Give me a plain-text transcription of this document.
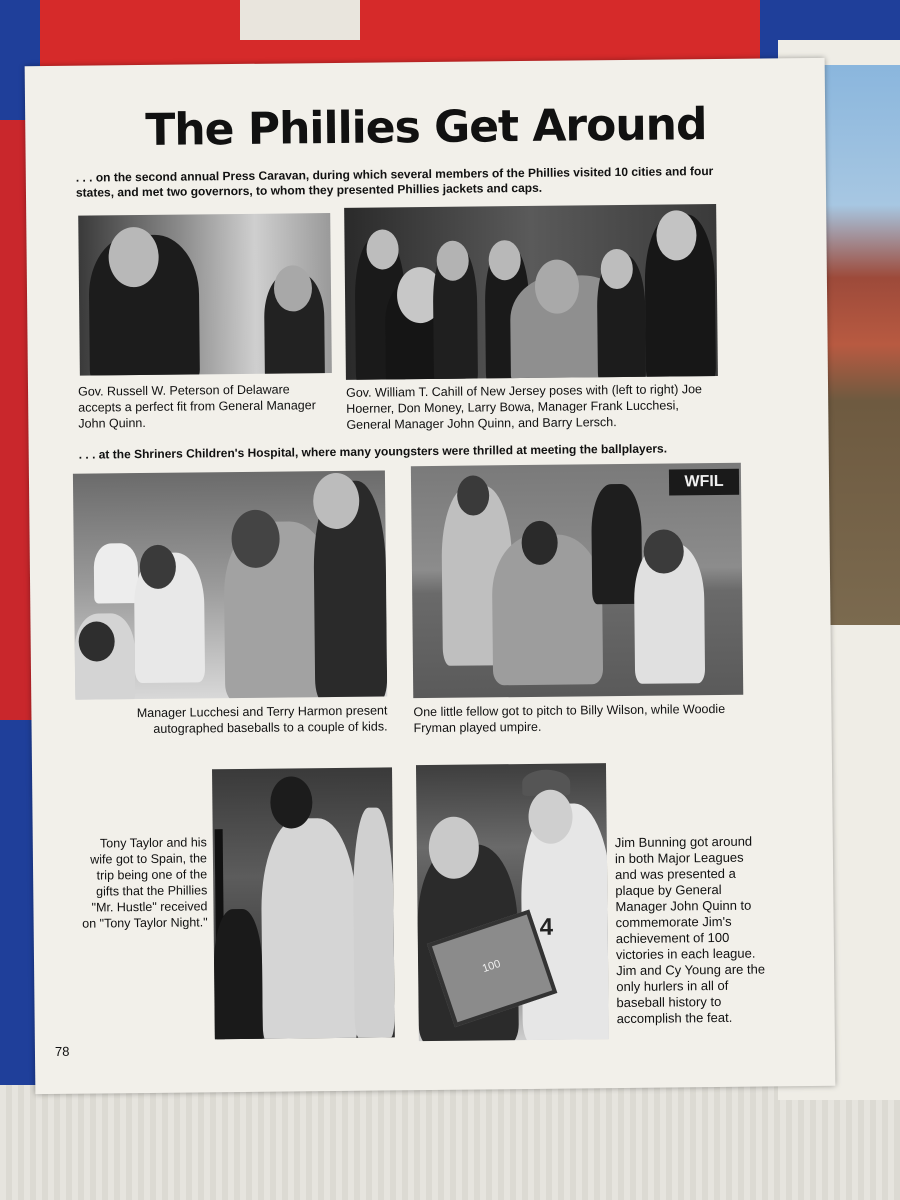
The Phillies Get Around
. . . on the second annual Press Caravan, during which several members of the Phillies visited 10 cities and four states, and met two governors, to whom they presented Phillies jackets and caps.
Gov. Russell W. Peterson of Delaware accepts a perfect fit from General Manager John Quinn.
Gov. William T. Cahill of New Jersey poses with (left to right) Joe Hoerner, Don Money, Larry Bowa, Manager Frank Lucchesi, General Manager John Quinn, and Barry Lersch.
. . . at the Shriners Children's Hospital, where many youngsters were thrilled at meeting the ballplayers.
Manager Lucchesi and Terry Harmon present autographed baseballs to a couple of kids.
WFIL
One little fellow got to pitch to Billy Wilson, while Woodie Fryman played umpire.
Tony Taylor and his wife got to Spain, the trip being one of the gifts that the Phillies "Mr. Hustle" received on "Tony Taylor Night."	4
100
Jim Bunning got around in both Major Leagues and was presented a plaque by General Manager John Quinn to commemorate Jim's achievement of 100 victories in each league. Jim and Cy Young are the only hurlers in all of baseball history to accomplish the feat.
78
